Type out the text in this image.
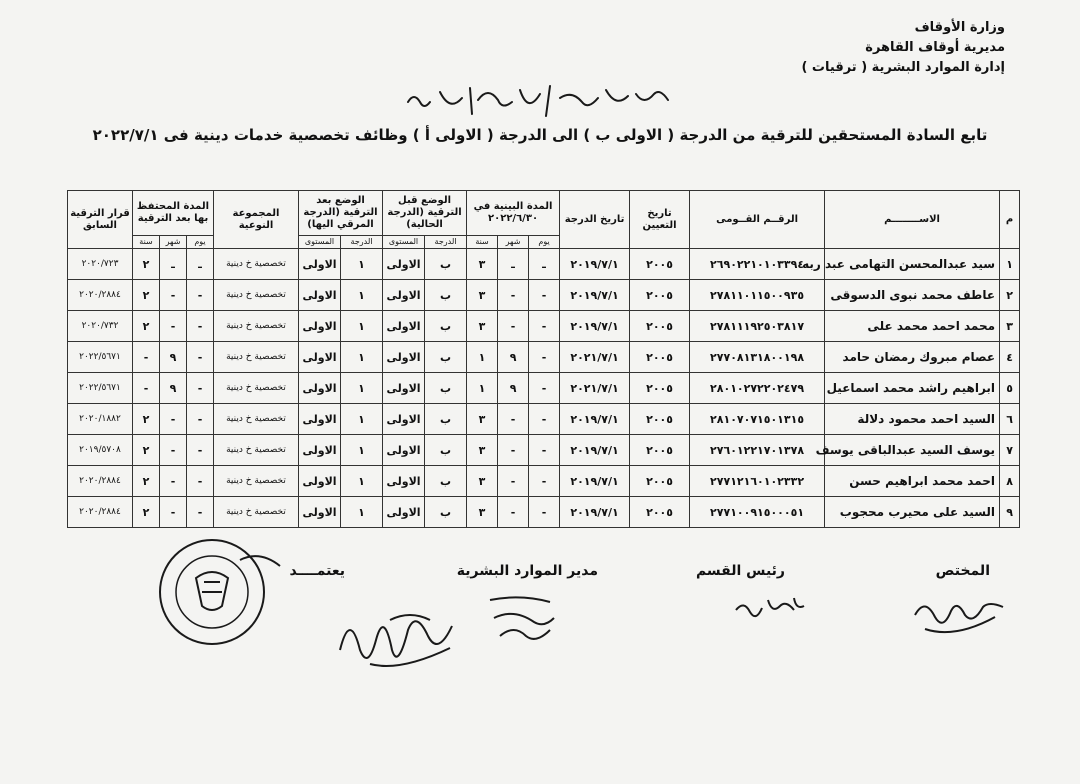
وزارة الأوقاف
مديرية أوقاف القاهرة
إدارة الموارد البشرية ( ترقيات )
تابع السادة المستحقين للترقية من الدرجة ( الاولى ب ) الى الدرجة ( الاولى أ ) وظائف تخصصية خدمات دينية فى ٢٠٢٢/٧/١
م	الاســــــــم	الرقــم القــومى	تاريخ التعيين	تاريخ الدرجة	المدة البينية في ٢٠٢٢/٦/٣٠			الوضع قبل الترقية (الدرجة الحالية)		الوضع بعد الترقية (الدرجة المرقي اليها)		المجموعة النوعية	المدة المحتفظ بها بعد الترقية			قرار الترقية السابق
					يوم	شهر	سنة	الدرجة	المستوى	الدرجة	المستوى		يوم	شهر	سنة	
١	سيد عبدالمحسن التهامى عبد ربه	٢٦٩٠٢٢١٠١٠٣٣٩٤	٢٠٠٥	٢٠١٩/٧/١	ـ	ـ	٣	ب	الاولى	١	الاولى	تخصصية خ دينية	ـ	ـ	٢	٢٠٢٠/٧٢٣
٢	عاطف محمد نبوى الدسوقى	٢٧٨١١٠١١٥٠٠٩٣٥	٢٠٠٥	٢٠١٩/٧/١	-	-	٣	ب	الاولى	١	الاولى	تخصصية خ دينية	-	-	٢	٢٠٢٠/٢٨٨٤
٣	محمد احمد محمد على	٢٧٨١١١٩٢٥٠٣٨١٧	٢٠٠٥	٢٠١٩/٧/١	-	-	٣	ب	الاولى	١	الاولى	تخصصية خ دينية	-	-	٢	٢٠٢٠/٧٣٢
٤	عصام مبروك رمضان حامد	٢٧٧٠٨١٣١٨٠٠١٩٨	٢٠٠٥	٢٠٢١/٧/١	-	٩	١	ب	الاولى	١	الاولى	تخصصية خ دينية	-	٩	-	٢٠٢٢/٥٦٧١
٥	ابراهيم راشد محمد اسماعيل	٢٨٠١٠٢٧٢٢٠٢٤٧٩	٢٠٠٥	٢٠٢١/٧/١	-	٩	١	ب	الاولى	١	الاولى	تخصصية خ دينية	-	٩	-	٢٠٢٢/٥٦٧١
٦	السيد احمد محمود دلالة	٢٨١٠٧٠٧١٥٠١٣١٥	٢٠٠٥	٢٠١٩/٧/١	-	-	٣	ب	الاولى	١	الاولى	تخصصية خ دينية	-	-	٢	٢٠٢٠/١٨٨٢
٧	يوسف السيد عبدالباقى يوسف	٢٧٦٠١٢٢١٧٠١٣٧٨	٢٠٠٥	٢٠١٩/٧/١	-	-	٣	ب	الاولى	١	الاولى	تخصصية خ دينية	-	-	٢	٢٠١٩/٥٧٠٨
٨	احمد محمد ابراهيم حسن	٢٧٧١٢١٦٠١٠٢٣٣٢	٢٠٠٥	٢٠١٩/٧/١	-	-	٣	ب	الاولى	١	الاولى	تخصصية خ دينية	-	-	٢	٢٠٢٠/٢٨٨٤
٩	السيد على محيرب محجوب	٢٧٧١٠٠٩١٥٠٠٠٥١	٢٠٠٥	٢٠١٩/٧/١	-	-	٣	ب	الاولى	١	الاولى	تخصصية خ دينية	-	-	٢	٢٠٢٠/٢٨٨٤
المختص
رئيس القسم
مدير الموارد البشرية
يعتمــــد
